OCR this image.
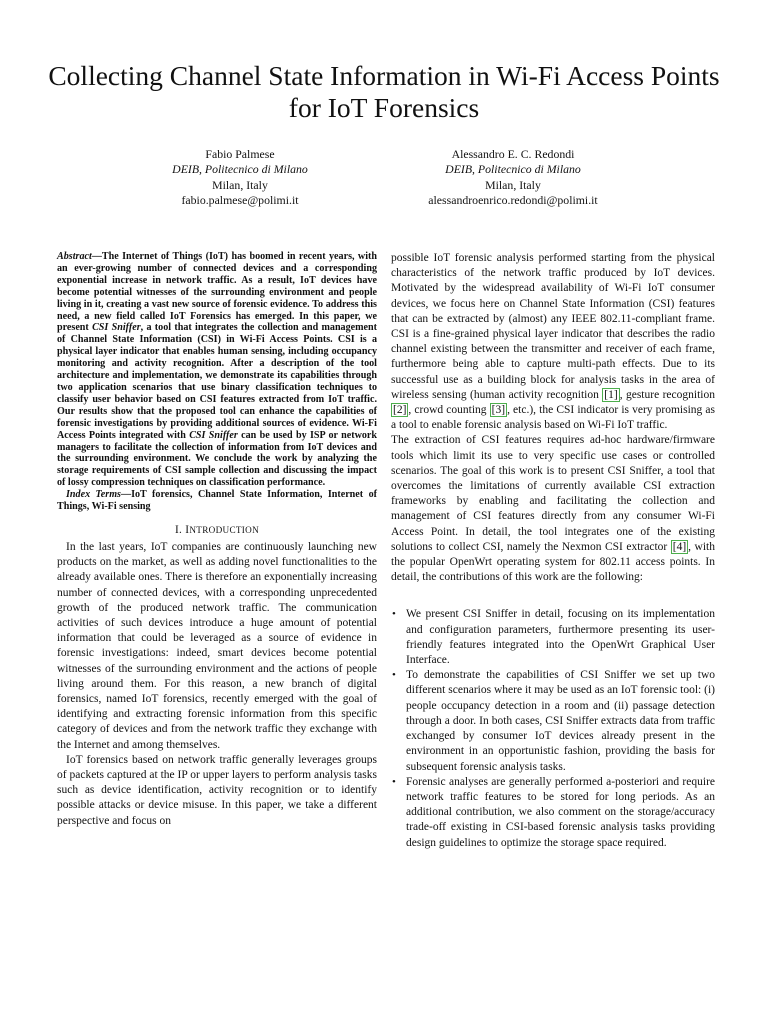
Collecting Channel State Information in Wi-Fi Access Points for IoT Forensics
Fabio Palmese
DEIB, Politecnico di Milano
Milan, Italy
fabio.palmese@polimi.it
Alessandro E. C. Redondi
DEIB, Politecnico di Milano
Milan, Italy
alessandroenrico.redondi@polimi.it

Abstract—The Internet of Things (IoT) has boomed in recent years, with an ever-growing number of connected devices and a corresponding exponential increase in network traffic. As a result, IoT devices have become potential witnesses of the surrounding environment and people living in it, creating a vast new source of forensic evidence. To address this need, a new field called IoT Forensics has emerged. In this paper, we present CSI Sniffer, a tool that integrates the collection and management of Channel State Information (CSI) in Wi-Fi Access Points. CSI is a physical layer indicator that enables human sensing, including occupancy monitoring and activity recognition. After a description of the tool architecture and implementation, we demonstrate its capabilities through two application scenarios that use binary classification techniques to classify user behavior based on CSI features extracted from IoT traffic. Our results show that the proposed tool can enhance the capabilities of forensic investigations by providing additional sources of evidence. Wi-Fi Access Points integrated with CSI Sniffer can be used by ISP or network managers to facilitate the collection of information from IoT devices and the surrounding environment. We conclude the work by analyzing the storage requirements of CSI sample collection and discussing the impact of lossy compression techniques on classification performance.

Index Terms—IoT forensics, Channel State Information, Internet of Things, Wi-Fi sensing

I. INTRODUCTION

In the last years, IoT companies are continuously launching new products on the market, as well as adding novel functionalities to the already available ones. There is therefore an exponentially increasing number of connected devices, with a corresponding unprecedented growth of the produced network traffic. The communication activities of such devices introduce a huge amount of potential information that could be leveraged as a source of evidence in forensic investigations: indeed, smart devices become potential witnesses of the surrounding environment and the actions of people living around them. For this reason, a new branch of digital forensics, named IoT forensics, recently emerged with the goal of identifying and extracting forensic information from this specific category of devices and from the network traffic they exchange with the Internet and among themselves.

IoT forensics based on network traffic generally leverages groups of packets captured at the IP or upper layers to perform analysis tasks such as device identification, activity recognition or to identify possible attacks or device misuse. In this paper, we take a different perspective and focus on

possible IoT forensic analysis performed starting from the physical characteristics of the network traffic produced by IoT devices. Motivated by the widespread availability of Wi-Fi IoT consumer devices, we focus here on Channel State Information (CSI) features that can be extracted by (almost) any IEEE 802.11-compliant frame. CSI is a fine-grained physical layer indicator that describes the radio channel existing between the transmitter and receiver of each frame, furthermore being able to capture multi-path effects. Due to its successful use as a building block for analysis tasks in the area of wireless sensing (human activity recognition [1] , gesture recognition [2] , crowd counting [3] , etc.), the CSI indicator is very promising as a tool to enable forensic analysis based on Wi-Fi IoT traffic.

The extraction of CSI features requires ad-hoc hardware/firmware tools which limit its use to very specific use cases or controlled scenarios. The goal of this work is to present CSI Sniffer, a tool that overcomes the limitations of currently available CSI extraction frameworks by enabling and facilitating the collection and management of CSI features directly from any consumer Wi-Fi Access Point. In detail, the tool integrates one of the existing solutions to collect CSI, namely the Nexmon CSI extractor [4] , with the popular OpenWrt operating system for 802.11 access points. In detail, the contributions of this work are the following:

• We present CSI Sniffer in detail, focusing on its implementation and configuration parameters, furthermore presenting its user-friendly features integrated into the OpenWrt Graphical User Interface.
• To demonstrate the capabilities of CSI Sniffer we set up two different scenarios where it may be used as an IoT forensic tool: (i) people occupancy detection in a room and (ii) passage detection through a door. In both cases, CSI Sniffer extracts data from traffic exchanged by consumer IoT devices already present in the environment in an opportunistic fashion, providing the basis for subsequent forensic analysis tasks.
• Forensic analyses are generally performed a-posteriori and require network traffic features to be stored for long periods. As an additional contribution, we also comment on the storage/accuracy trade-off existing in CSI-based forensic analysis tasks providing design guidelines to optimize the storage space required.
